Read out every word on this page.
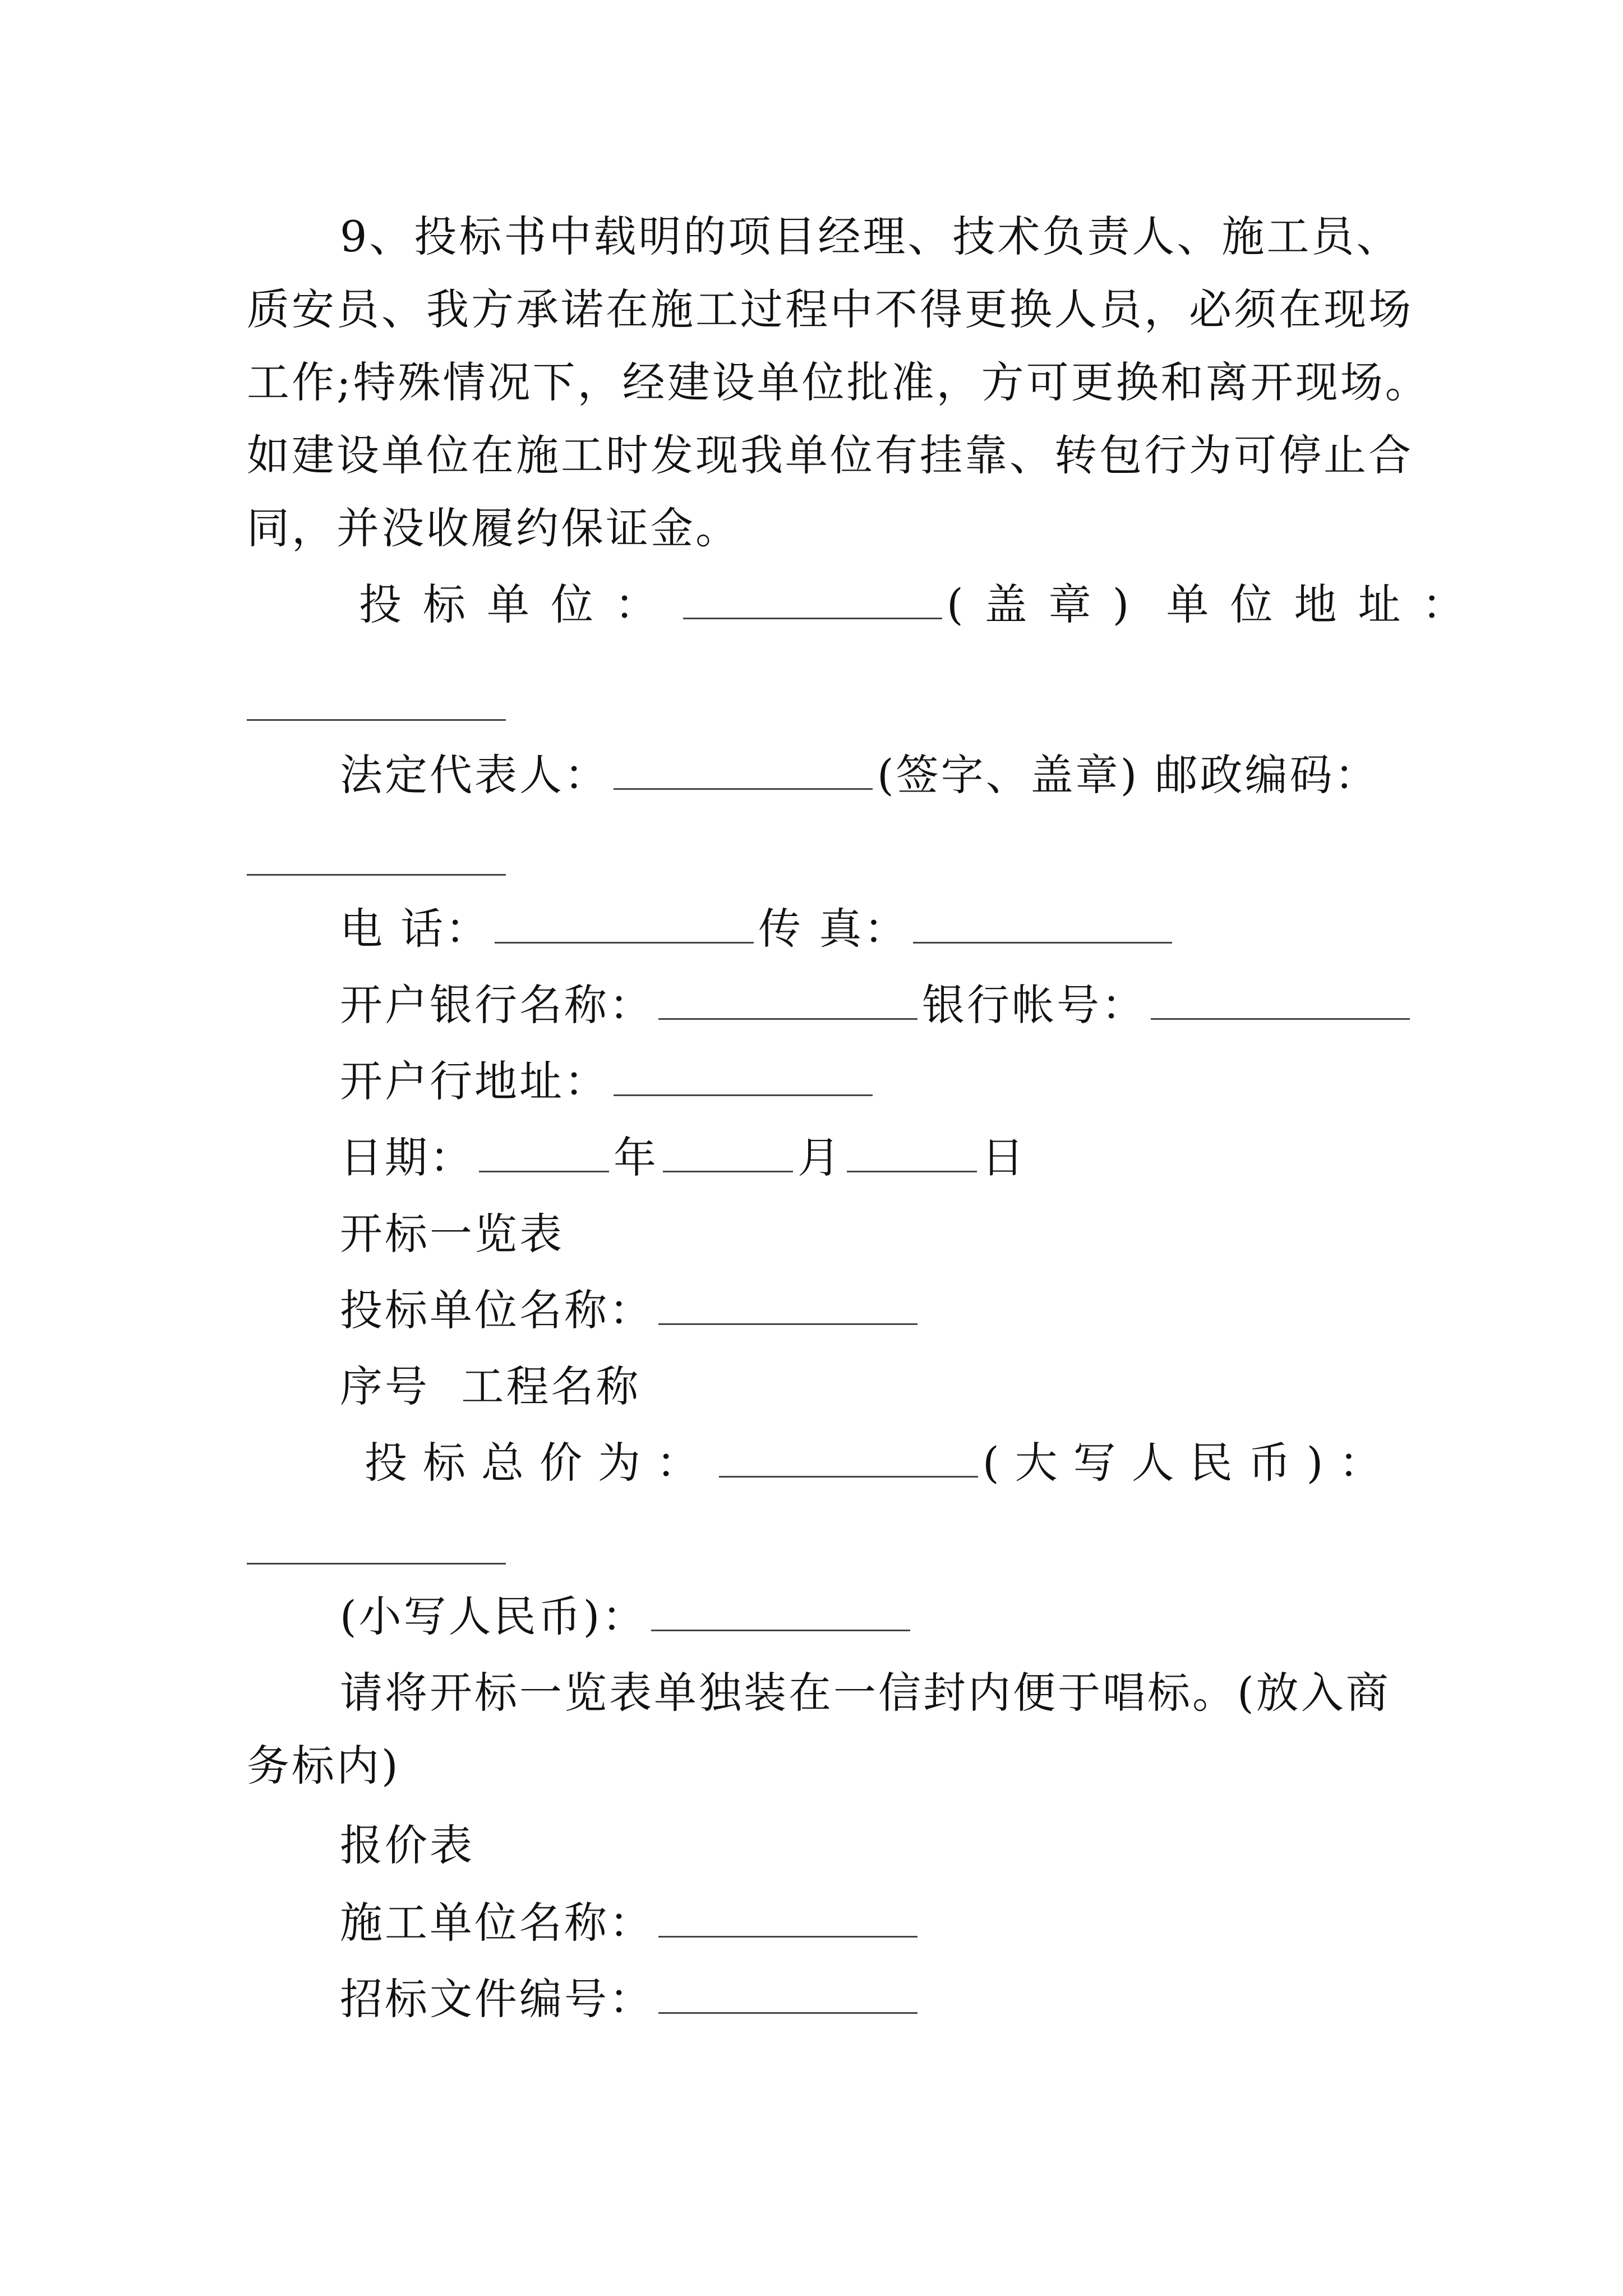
9、投标书中载明的项目经理、技术负责人、施工员、
质安员、我方承诺在施工过程中不得更换人员，必须在现场
工作;特殊情况下，经建设单位批准，方可更换和离开现场。
如建设单位在施工时发现我单位有挂靠、转包行为可停止合
同，并没收履约保证金。
投标单位：	(盖章) 单位地址：
法定代表人：	(签字、盖章) 邮政编码：
电 话：	传 真：
开户银行名称：	银行帐号：
开户行地址：
日期：	年	月	日
开标一览表
投标单位名称：
序号  工程名称
投标总价为：	(大写人民币)：
(小写人民币)：
请将开标一览表单独装在一信封内便于唱标。(放入商
务标内)
报价表
施工单位名称：
招标文件编号：
